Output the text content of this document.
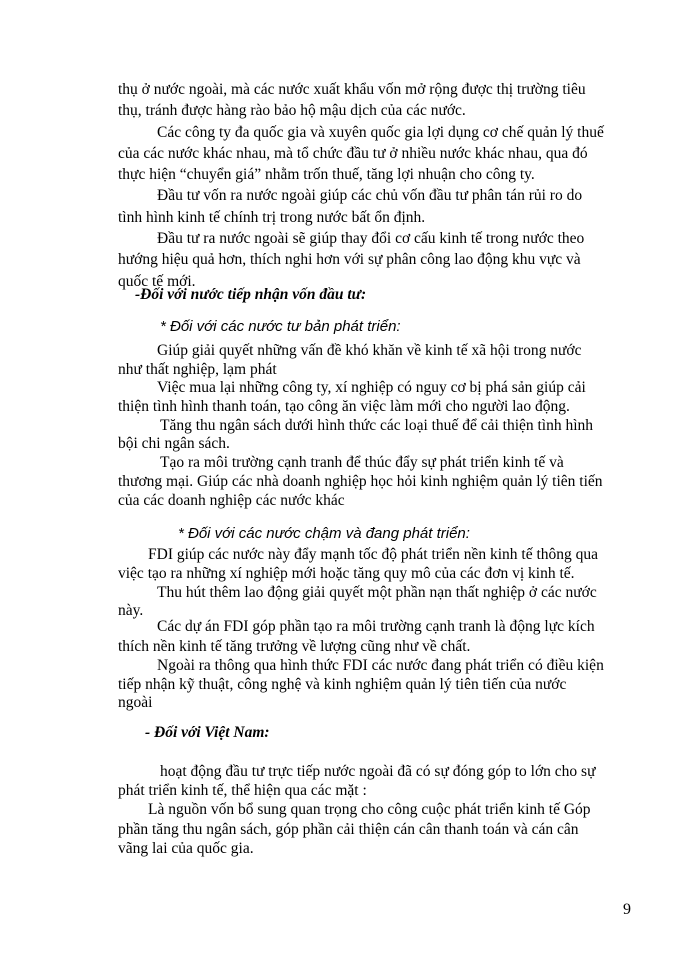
thụ ở nước ngoài, mà các nước xuất khẩu vốn mở rộng được thị trường tiêu

thụ, tránh được hàng rào bảo hộ mậu dịch của các nước.

Các công ty đa quốc gia và xuyên quốc gia lợi dụng cơ chế quản lý thuế

của các nước khác nhau, mà tổ chức đầu tư ở nhiều nước khác nhau, qua đó

thực hiện “chuyển giá” nhằm trốn thuế, tăng lợi nhuận cho công ty.

Đầu tư vốn ra nước ngoài giúp các chủ vốn đầu tư phân tán rủi ro do

tình hình kinh tế chính trị trong nước bất ổn định.

Đầu tư ra nước ngoài sẽ giúp thay đổi cơ cấu kinh tế trong nước theo

hướng hiệu quả hơn, thích nghi hơn với sự phân công lao động khu vực và

quốc tế mới.

-Đối với nước tiếp nhận vốn đầu tư:

* Đối với các nước tư bản phát triển:

Giúp giải quyết những vấn đề khó khăn về kinh tế xã hội trong nước

như thất nghiệp, lạm phát

Việc mua lại những công ty, xí nghiệp có nguy cơ bị phá sản giúp cải

thiện tình hình thanh toán, tạo công ăn việc làm mới cho người lao động.

Tăng thu ngân sách dưới hình thức các loại thuế để cải thiện tình hình

bội chi ngân sách.

Tạo ra môi trường cạnh tranh để thúc đẩy sự phát triển kinh tế và

thương mại. Giúp các nhà doanh nghiệp học hỏi kinh nghiệm quản lý tiên tiến

của các doanh nghiệp các nước khác

* Đối với các nước chậm và đang phát triển:

FDI giúp các nước này đẩy mạnh tốc độ phát triển nền kinh tế thông qua

việc tạo ra những xí nghiệp mới hoặc tăng quy mô của các đơn vị kinh tế.

Thu hút thêm lao động giải quyết một phần nạn thất nghiệp ở các nước

này.

Các dự án FDI góp phần tạo ra môi trường cạnh tranh là động lực kích

thích nền kinh tế tăng trưởng về lượng cũng như về chất.

Ngoài ra thông qua hình thức FDI các nước đang phát triển có điều kiện

tiếp nhận kỹ thuật, công nghệ và kinh nghiệm quản lý tiên tiến của nước

ngoài

- Đối với Việt Nam:

hoạt động đầu tư trực tiếp nước ngoài đã có sự đóng góp to lớn cho sự

phát triển kinh tế, thể hiện qua các mặt :

Là nguồn vốn bổ sung quan trọng cho công cuộc phát triển kinh tế Góp

phần tăng thu ngân sách, góp phần cải thiện cán cân thanh toán và cán cân

vãng lai của quốc gia.

9
